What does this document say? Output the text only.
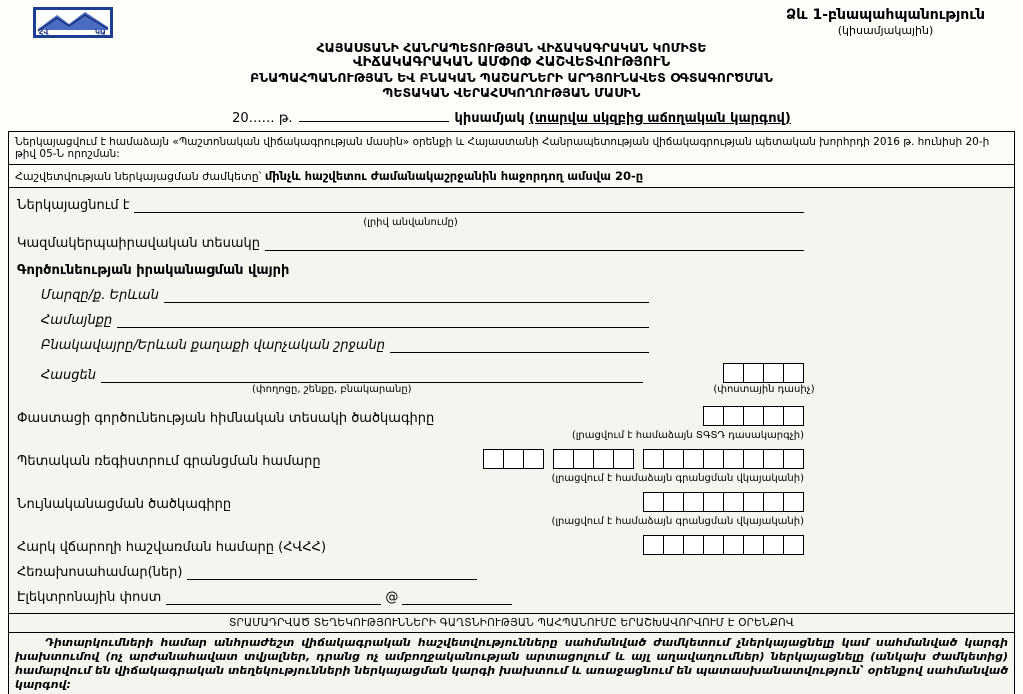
ՀՎ	ԿԱ
Ձև 1-բնապահպանություն
(կիսամյակային)
ՀԱՅԱՍՏԱՆԻ ՀԱՆՐԱՊԵՏՈՒԹՅԱՆ ՎԻՃԱԿԱԳՐԱԿԱՆ ԿՈՄԻՏԵ
ՎԻՃԱԿԱԳՐԱԿԱՆ ԱՄՓՈՓ ՀԱՇՎԵՏՎՈՒԹՅՈՒՆ
ԲՆԱՊԱՀՊԱՆՈՒԹՅԱՆ ԵՎ ԲՆԱԿԱՆ ՊԱՇԱՐՆԵՐԻ ԱՐԴՅՈՒՆԱՎԵՏ ՕԳՏԱԳՈՐԾՄԱՆ
ՊԵՏԱԿԱՆ ՎԵՐԱՀՍԿՈՂՈՒԹՅԱՆ ՄԱՍԻՆ
20…… թ.	կիսամյակ (տարվա սկզբից աճողական կարգով)
Ներկայացվում է համաձայն «Պաշտոնական վիճակագրության մասին» օրենքի և Հայաստանի Հանրապետության վիճակագրության պետական խորհրդի 2016 թ. հունիսի 20-ի թիվ 05-Ն որոշման:
Հաշվետվության ներկայացման ժամկետը՝ մինչև հաշվետու ժամանակաշրջանին հաջորդող ամսվա 20-ը
Ներկայացնում է
(լրիվ անվանումը)
Կազմակերպաիրավական տեսակը
Գործունեության իրականացման վայրի
Մարզը/ք. Երևան
Համայնքը
Բնակավայրը/Երևան քաղաքի վարչական շրջանը
Հասցեն
(փողոցը, շենքը, բնակարանը)	(փոստային դասիչ)
Փաստացի գործունեության հիմնական տեսակի ծածկագիրը
(լրացվում է համաձայն ՏԳՏԴ դասակարգչի)
Պետական ռեգիստրում գրանցման համարը
(լրացվում է համաձայն գրանցման վկայականի)
Նույնականացման ծածկագիրը
(լրացվում է համաձայն գրանցման վկայականի)
Հարկ վճարողի հաշվառման համարը (ՀՎՀՀ)
Հեռախոսահամար(ներ)
Էլեկտրոնային փոստ	@
ՏՐԱՄԱԴՐՎԱԾ ՏԵՂԵԿՈՒԹՅՈՒՆՆԵՐԻ ԳԱՂՏՆԻՈՒԹՅԱՆ ՊԱՀՊԱՆՈՒՄԸ ԵՐԱՇԽԱՎՈՐՎՈՒՄ Է ՕՐԵՆՔՈՎ
Դիտարկումների համար անհրաժեշտ վիճակագրական հաշվետվությունները սահմանված ժամկետում չներկայացնելը կամ սահմանված կարգի խախտումով (ոչ արժանահավատ տվյալներ, դրանց ոչ ամբողջականության արտացոլում և այլ աղավաղումներ) ներկայացնելը (անկախ ժամկետից) համարվում են վիճակագրական տեղեկությունների ներկայացման կարգի խախտում և առաջացնում են պատասխանատվություն՝ օրենքով սահմանված կարգով:
